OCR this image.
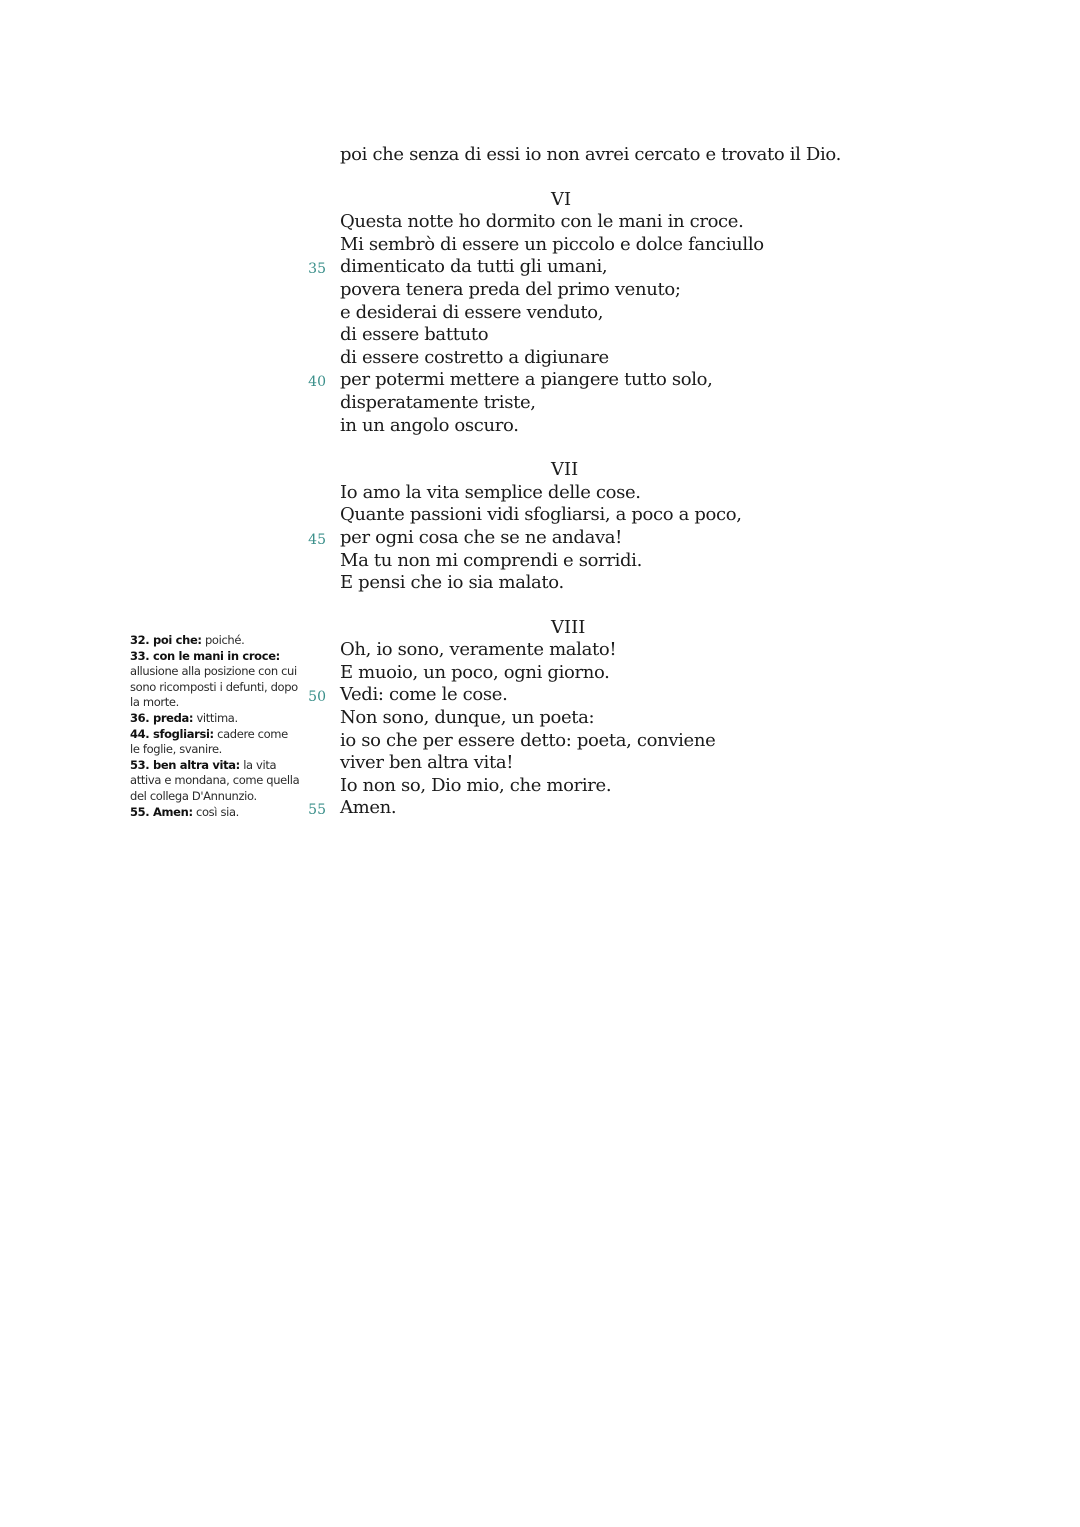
poi che senza di essi io non avrei cercato e trovato il Dio.
VI
Questa notte ho dormito con le mani in croce.
Mi sembrò di essere un piccolo e dolce fanciullo
35 dimenticato da tutti gli umani,
povera tenera preda del primo venuto;
e desiderai di essere venduto,
di essere battuto
di essere costretto a digiunare
40 per potermi mettere a piangere tutto solo,
disperatamente triste,
in un angolo oscuro.
VII
Io amo la vita semplice delle cose.
Quante passioni vidi sfogliarsi, a poco a poco,
45 per ogni cosa che se ne andava!
Ma tu non mi comprendi e sorridi.
E pensi che io sia malato.
VIII
Oh, io sono, veramente malato!
E muoio, un poco, ogni giorno.
50 Vedi: come le cose.
Non sono, dunque, un poeta:
io so che per essere detto: poeta, conviene
viver ben altra vita!
Io non so, Dio mio, che morire.
55 Amen.

32. poi che: poiché.

33. con le mani in croce: allusione alla posizione con cui sono ricomposti i defunti, dopo la morte.

36. preda: vittima.

44. sfogliarsi: cadere come le foglie, svanire.

53. ben altra vita: la vita attiva e mondana, come quella del collega D'Annunzio.

55. Amen: così sia.
